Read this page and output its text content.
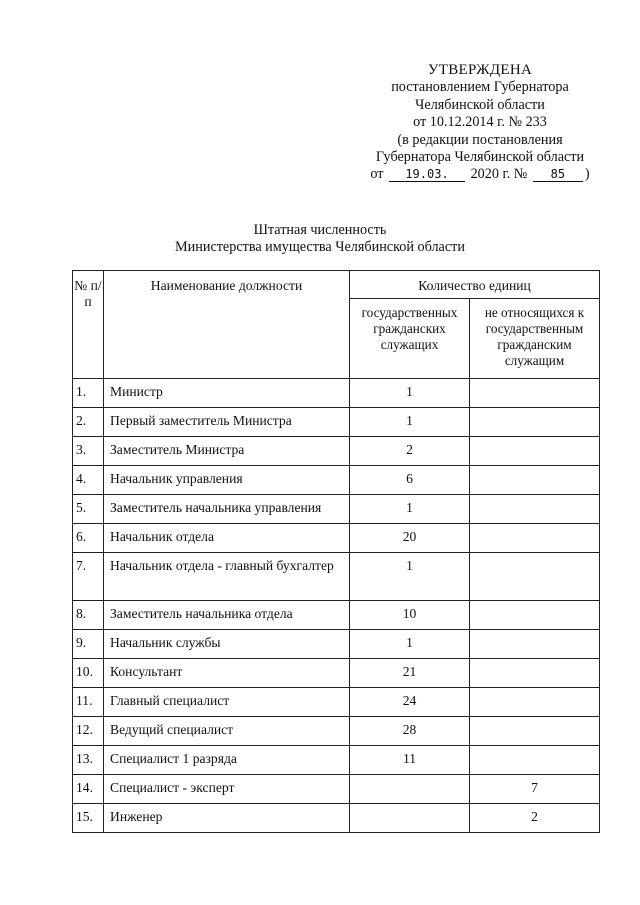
УТВЕРЖДЕНА
постановлением Губернатора
Челябинской области
от 10.12.2014 г. № 233
(в редакции постановления
Губернатора Челябинской области
от 19.03. 2020 г. № 85 )
Штатная численность
Министерства имущества Челябинской области
№ п/п	Наименование должности	Количество единиц	
		государственных гражданских служащих	не относящихся к государственным гражданским служащим
1.	Министр	1	
2.	Первый заместитель Министра	1	
3.	Заместитель Министра	2	
4.	Начальник управления	6	
5.	Заместитель начальника управления	1	
6.	Начальник отдела	20	
7.	Начальник отдела - главный бухгалтер	1	
8.	Заместитель начальника отдела	10	
9.	Начальник службы	1	
10.	Консультант	21	
11.	Главный специалист	24	
12.	Ведущий специалист	28	
13.	Специалист 1 разряда	11	
14.	Специалист - эксперт		7
15.	Инженер		2
